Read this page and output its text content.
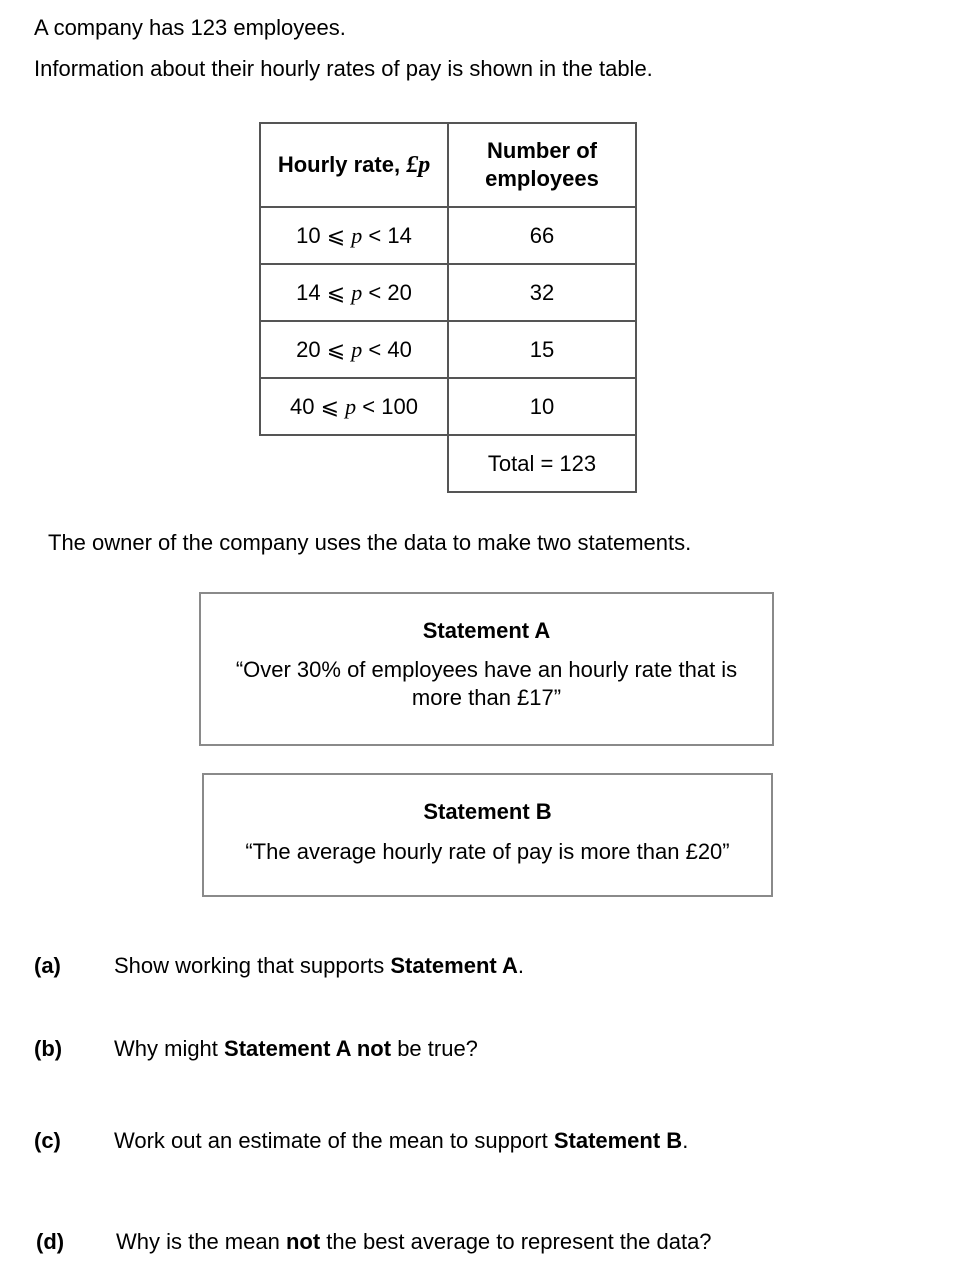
A company has 123 employees.
Information about their hourly rates of pay is shown in the table.
Hourly rate, £p	Number of
employees

10 ⩽ p < 14	66
14 ⩽ p < 20	32
20 ⩽ p < 40	15
40 ⩽ p < 100	10
	Total = 123
The owner of the company uses the data to make two statements.
Statement A
“Over 30% of employees have an hourly rate that is
more than £17”
Statement B
“The average hourly rate of pay is more than £20”
(a) Show working that supports Statement A.
(b) Why might Statement A not be true?
(c) Work out an estimate of the mean to support Statement B.
(d) Why is the mean not the best average to represent the data?
